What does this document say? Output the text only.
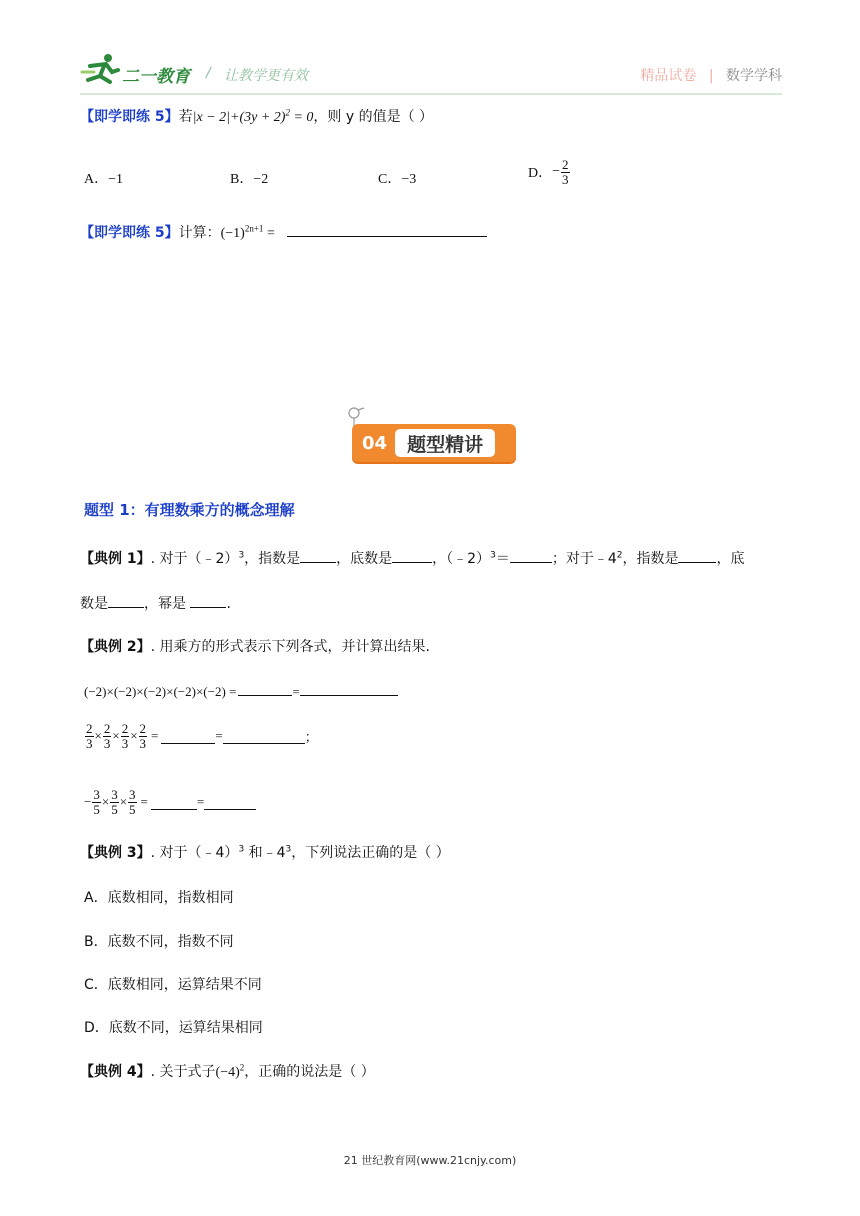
二一教育 / 让教学更有效	精品试卷 | 数学学科
【即学即练 5】若$|x - 2|+(3y + 2)^2 = 0$，则 y 的值是（ ）
A．−1	B．−2	C．−3	D．− $\frac{2}{3}$
【即学即练 5】计算：$(-1)^{2n+1}$ =
04	题型精讲
题型 1：有理数乘方的概念理解
【典例 1】. 对于（﹣2）$^3$，指数是	，底数是	，（﹣2）$^3$＝	；对于$﹣4^2$，指数是	，底
数是	，幂是	.
【典例 2】. 用乘方的形式表示下列各式，并计算出结果.
(−2)×(−2)×(−2)×(−2)×(−2) =	=
$\frac{2}{3} \times \frac{2}{3} \times \frac{2}{3} \times \frac{2}{3}$ =	=	；
− $\frac{3}{5} \times \frac{3}{5} \times \frac{3}{5}$ =	=
【典例 3】. 对于（﹣4）$^3$ 和$﹣4^3$，下列说法正确的是（ ）
A．底数相同，指数相同
B．底数不同，指数不同
C．底数相同，运算结果不同
D．底数不同，运算结果相同
【典例 4】. 关于式子$(-4)^2$，正确的说法是（ ）
21 世纪教育网(www.21cnjy.com)
